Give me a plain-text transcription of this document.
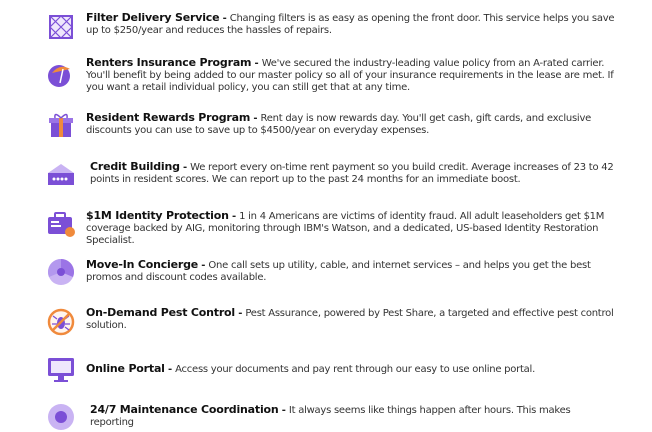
Filter Delivery Service - Changing filters is as easy as opening the front door. This service helps you save up to $250/year and reduces the hassles of repairs.
Renters Insurance Program - We've secured the industry-leading value policy from an A-rated carrier. You'll benefit by being added to our master policy so all of your insurance requirements in the lease are met. If you want a retail individual policy, you can still get that at any time.
Resident Rewards Program - Rent day is now rewards day. You'll get cash, gift cards, and exclusive discounts you can use to save up to $4500/year on everyday expenses.
Credit Building - We report every on-time rent payment so you build credit. Average increases of 23 to 42 points in resident scores. We can report up to the past 24 months for an immediate boost.
$1M Identity Protection - 1 in 4 Americans are victims of identity fraud. All adult leaseholders get $1M coverage backed by AIG, monitoring through IBM's Watson, and a dedicated, US-based Identity Restoration Specialist.
Move-In Concierge - One call sets up utility, cable, and internet services – and helps you get the best promos and discount codes available.
On-Demand Pest Control - Pest Assurance, powered by Pest Share, a targeted and effective pest control solution.
Online Portal - Access your documents and pay rent through our easy to use online portal.
24/7 Maintenance Coordination - It always seems like things happen after hours. This makes reporting
